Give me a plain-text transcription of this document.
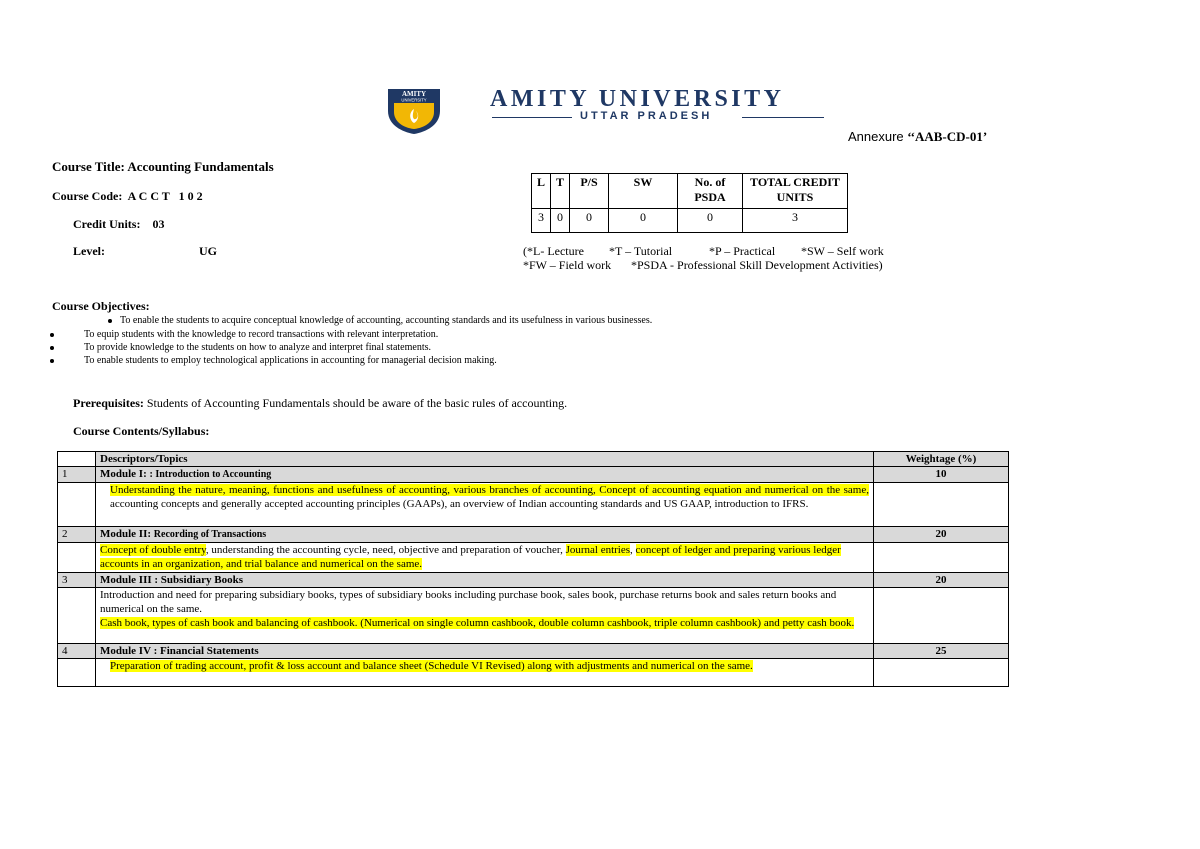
AMITY
UNIVERSITY	AMITY UNIVERSITY
UTTAR PRADESH
Annexure ‘‘AAB-CD-01’
Course Title: Accounting Fundamentals
Course Code: A C C T   1 0 2
Credit Units: 03
Level:	UG
L	T	P/S	SW	No. of PSDA	TOTAL CREDIT UNITS
3	0	0	0	0	3
(*L- Lecture *T – Tutorial	*P – Practical *SW – Self work
*FW – Field work *PSDA - Professional Skill Development Activities)
Course Objectives:
To enable the students to acquire conceptual knowledge of accounting, accounting standards and its usefulness in various businesses.
To equip students with the knowledge to record transactions with relevant interpretation.
To provide knowledge to the students on how to analyze and interpret final statements.
To enable students to employ technological applications in accounting for managerial decision making.
Prerequisites: Students of Accounting Fundamentals should be aware of the basic rules of accounting.
Course Contents/Syllabus:
	Descriptors/Topics	Weightage (%)
1	Module I: : Introduction to Accounting	10
	Understanding the nature, meaning, functions and usefulness of accounting, various branches of accounting, Concept of accounting equation and numerical on the same, accounting concepts and generally accepted accounting principles (GAAPs), an overview of Indian accounting standards and US GAAP, introduction to IFRS.	
2	Module II: Recording of Transactions	20
	Concept of double entry, understanding the accounting cycle, need, objective and preparation of voucher, Journal entries, concept of ledger and preparing various ledger accounts in an organization, and trial balance and numerical on the same.	
3	Module III : Subsidiary Books	20

	Introduction and need for preparing subsidiary books, types of subsidiary books including purchase book, sales book, purchase returns book and sales return books and numerical on the same.
Cash book, types of cash book and balancing of cashbook. (Numerical on single column cashbook, double column cashbook, triple column cashbook) and petty cash book.	

4	Module IV : Financial Statements	25
	Preparation of trading account, profit & loss account and balance sheet (Schedule VI Revised) along with adjustments and numerical on the same.	
